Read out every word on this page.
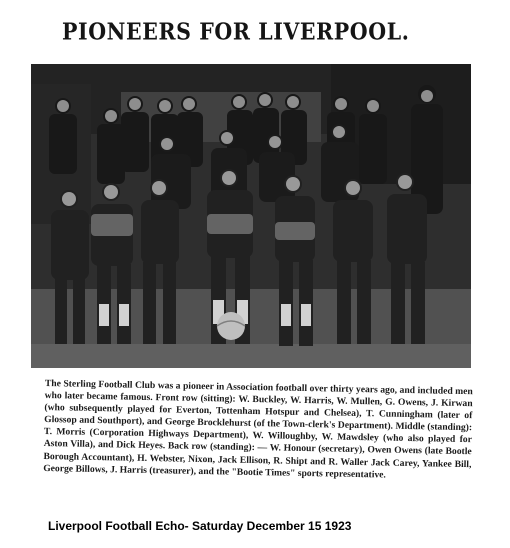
PIONEERS FOR LIVERPOOL.
The Sterling Football Club was a pioneer in Association football over thirty years ago, and included men who later became famous. Front row (sitting): W. Buckley, W. Harris, W. Mullen, G. Owens, J. Kirwan (who subsequently played for Everton, Tottenham Hotspur and Chelsea), T. Cunningham (later of Glossop and Southport), and George Brocklehurst (of the Town-clerk's Department). Middle (standing): T. Morris (Corporation Highways Department), W. Willoughby, W. Mawdsley (who also played for Aston Villa), and Dick Heyes. Back row (standing): — W. Honour (secretary), Owen Owens (late Bootle Borough Accountant), H. Webster, Nixon, Jack Ellison, R. Shipt and R. Waller Jack Carey, Yankee Bill, George Billows, J. Harris (treasurer), and the "Bootie Times" sports representative.
Liverpool Football Echo- Saturday December 15 1923
